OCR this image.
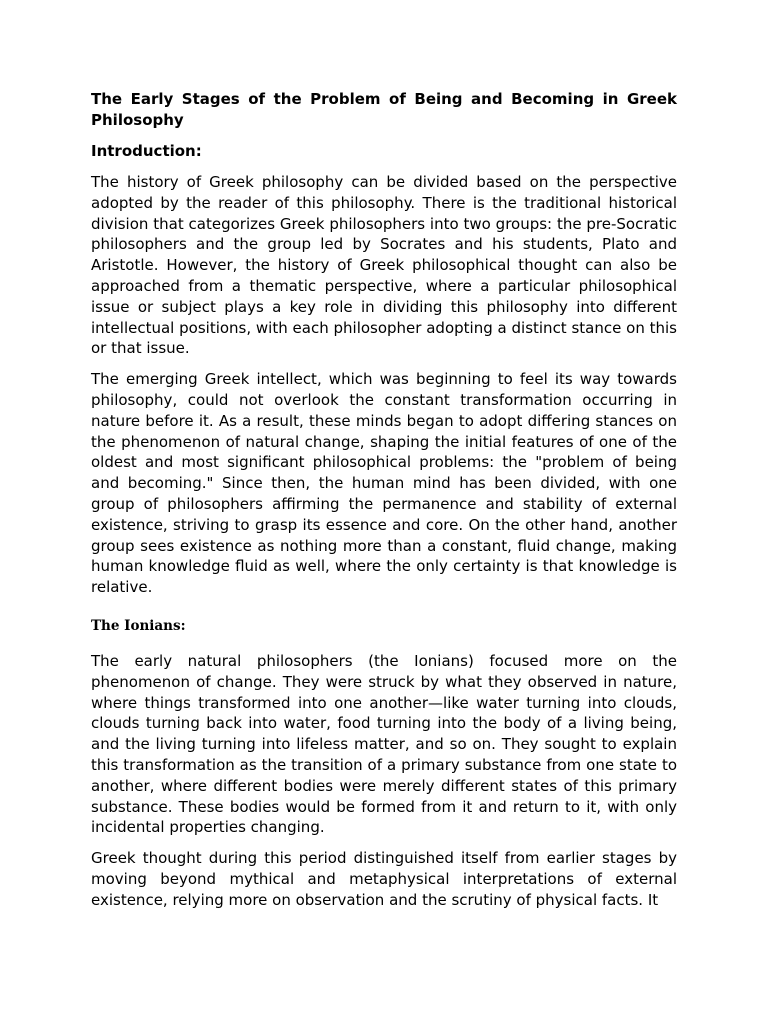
The Early Stages of the Problem of Being and Becoming in Greek Philosophy
Introduction:

The history of Greek philosophy can be divided based on the perspective adopted by the reader of this philosophy. There is the traditional historical division that categorizes Greek philosophers into two groups: the pre-Socratic philosophers and the group led by Socrates and his students, Plato and Aristotle. However, the history of Greek philosophical thought can also be approached from a thematic perspective, where a particular philosophical issue or subject plays a key role in dividing this philosophy into different intellectual positions, with each philosopher adopting a distinct stance on this or that issue.

The emerging Greek intellect, which was beginning to feel its way towards philosophy, could not overlook the constant transformation occurring in nature before it. As a result, these minds began to adopt differing stances on the phenomenon of natural change, shaping the initial features of one of the oldest and most significant philosophical problems: the "problem of being and becoming." Since then, the human mind has been divided, with one group of philosophers affirming the permanence and stability of external existence, striving to grasp its essence and core. On the other hand, another group sees existence as nothing more than a constant, fluid change, making human knowledge fluid as well, where the only certainty is that knowledge is relative.

The Ionians:

The early natural philosophers (the Ionians) focused more on the phenomenon of change. They were struck by what they observed in nature, where things transformed into one another—like water turning into clouds, clouds turning back into water, food turning into the body of a living being, and the living turning into lifeless matter, and so on. They sought to explain this transformation as the transition of a primary substance from one state to another, where different bodies were merely different states of this primary substance. These bodies would be formed from it and return to it, with only incidental properties changing.

Greek thought during this period distinguished itself from earlier stages by moving beyond mythical and metaphysical interpretations of external existence, relying more on observation and the scrutiny of physical facts. It
